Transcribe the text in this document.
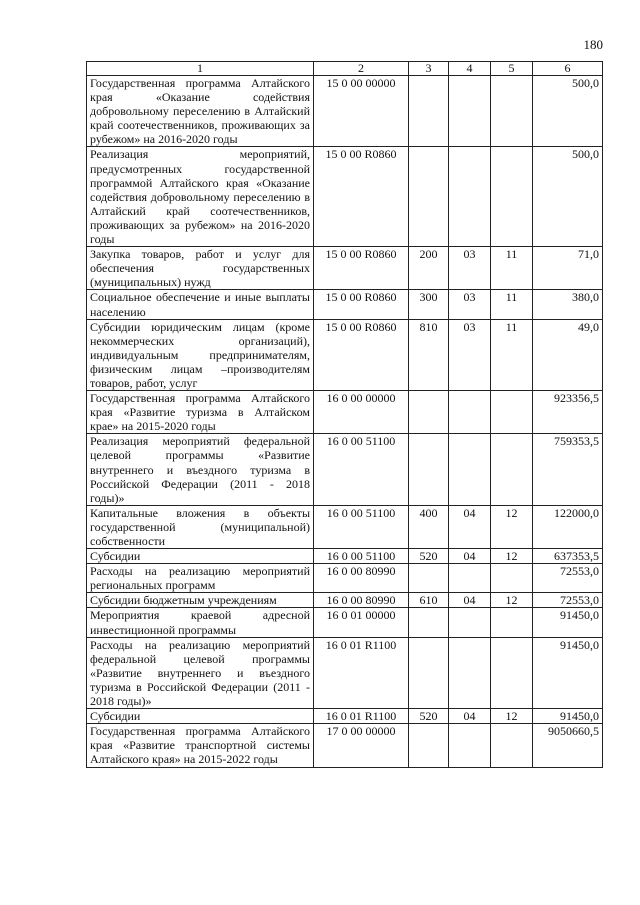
180
1	2	3	4	5	6
Государственная программа Алтайского края «Оказание содействия добровольному переселению в Алтайский край соотечественников, проживающих за рубежом» на 2016-2020 годы	15 0 00 00000				500,0
Реализация мероприятий, предусмотренных государственной программой Алтайского края «Оказание содействия добровольному переселению в Алтайский край соотечественников, проживающих за рубежом» на 2016-2020 годы	15 0 00 R0860				500,0
Закупка товаров, работ и услуг для обеспечения государственных (муниципальных) нужд	15 0 00 R0860	200	03	11	71,0
Социальное обеспечение и иные выплаты населению	15 0 00 R0860	300	03	11	380,0
Субсидии юридическим лицам (кроме некоммерческих организаций), индивидуальным предпринимателям, физическим лицам –производителям товаров, работ, услуг	15 0 00 R0860	810	03	11	49,0
Государственная программа Алтайского края «Развитие туризма в Алтайском крае» на 2015-2020 годы	16 0 00 00000				923356,5
Реализация мероприятий федеральной целевой программы «Развитие внутреннего и въездного туризма в Российской Федерации (2011 - 2018 годы)»	16 0 00 51100				759353,5
Капитальные вложения в объекты государственной (муниципальной) собственности	16 0 00 51100	400	04	12	122000,0
Субсидии	16 0 00 51100	520	04	12	637353,5
Расходы на реализацию мероприятий региональных программ	16 0 00 80990				72553,0
Субсидии бюджетным учреждениям	16 0 00 80990	610	04	12	72553,0
Мероприятия краевой адресной инвестиционной программы	16 0 01 00000				91450,0
Расходы на реализацию мероприятий федеральной целевой программы «Развитие внутреннего и въездного туризма в Российской Федерации (2011 - 2018 годы)»	16 0 01 R1100				91450,0
Субсидии	16 0 01 R1100	520	04	12	91450,0
Государственная программа Алтайского края «Развитие транспортной системы Алтайского края» на 2015-2022 годы	17 0 00 00000				9050660,5
